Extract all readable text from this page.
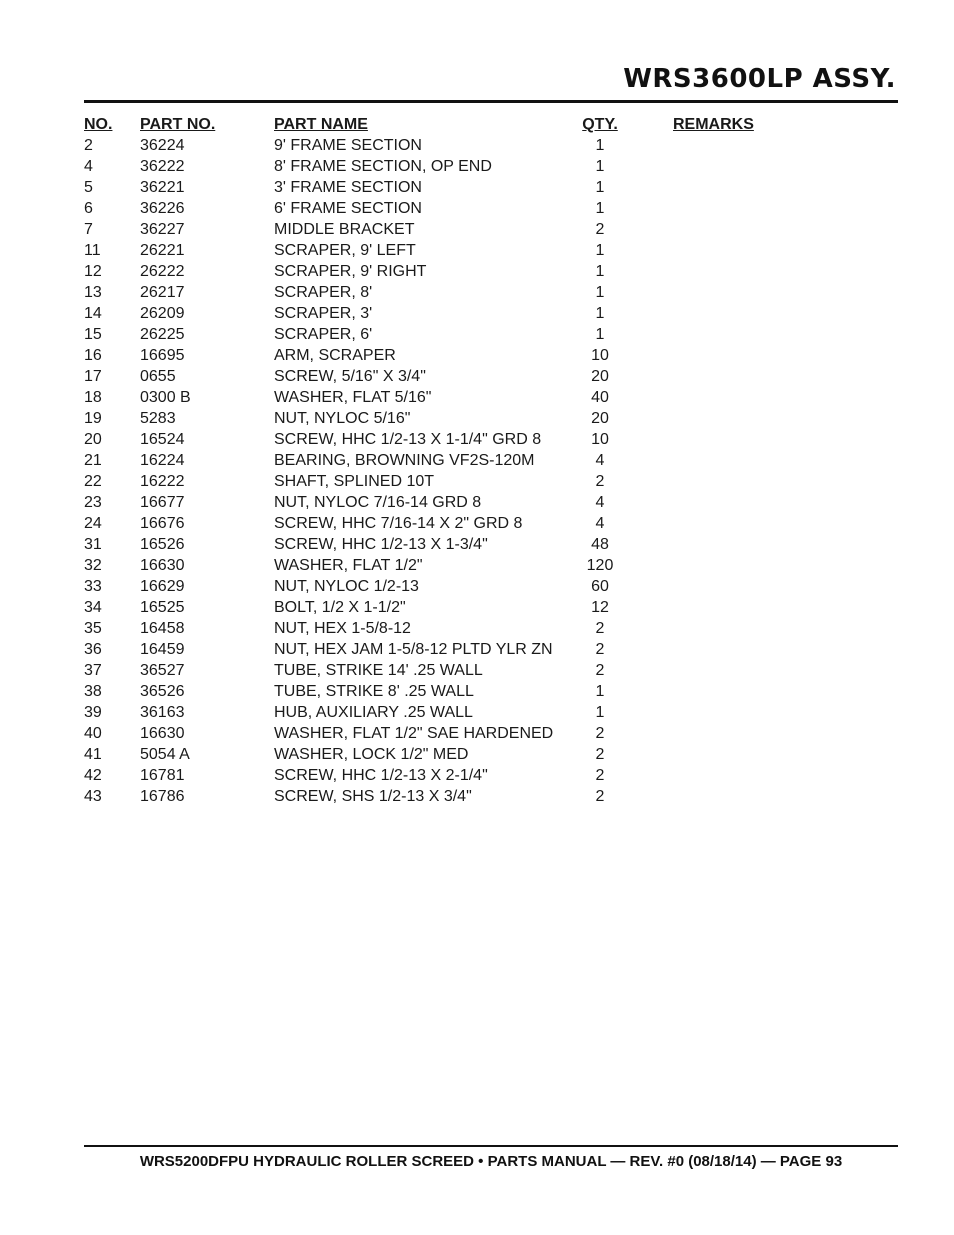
WRS3600LP ASSY.
NO. PART NO.	PART NAME	QTY.	REMARKS
2	36224	9' FRAME SECTION	1
4	36222	8' FRAME SECTION, OP END	1
5	36221	3' FRAME SECTION	1
6	36226	6' FRAME SECTION	1
7	36227	MIDDLE BRACKET	2
11 26221	SCRAPER, 9' LEFT	1
12 26222	SCRAPER, 9' RIGHT	1
13 26217	SCRAPER, 8'	1
14 26209	SCRAPER, 3'	1
15 26225	SCRAPER, 6'	1
16 16695	ARM, SCRAPER	10
17 0655	SCREW, 5/16" X 3/4"	20
18 0300 B	WASHER, FLAT 5/16"	40
19 5283	NUT, NYLOC 5/16"	20
20 16524	SCREW, HHC 1/2-13 X 1-1/4" GRD 8	10
21 16224	BEARING, BROWNING VF2S-120M	4
22 16222	SHAFT, SPLINED 10T	2
23 16677	NUT, NYLOC 7/16-14 GRD 8	4
24 16676	SCREW, HHC 7/16-14 X 2" GRD 8	4
31 16526	SCREW, HHC 1/2-13 X 1-3/4"	48
32 16630	WASHER, FLAT 1/2"	120
33 16629	NUT, NYLOC 1/2-13	60
34 16525	BOLT, 1/2 X 1-1/2"	12
35 16458	NUT, HEX 1-5/8-12	2
36 16459	NUT, HEX JAM 1-5/8-12 PLTD YLR ZN	2
37 36527	TUBE, STRIKE 14' .25 WALL	2
38 36526	TUBE, STRIKE 8' .25 WALL	1
39 36163	HUB, AUXILIARY .25 WALL	1
40 16630	WASHER, FLAT 1/2" SAE HARDENED	2
41 5054 A	WASHER, LOCK 1/2" MED	2
42 16781	SCREW, HHC 1/2-13 X 2-1/4"	2
43 16786	SCREW, SHS 1/2-13 X 3/4"	2
WRS5200DFPU HYDRAULIC ROLLER SCREED • PARTS MANUAL — REV. #0 (08/18/14) — PAGE 93
